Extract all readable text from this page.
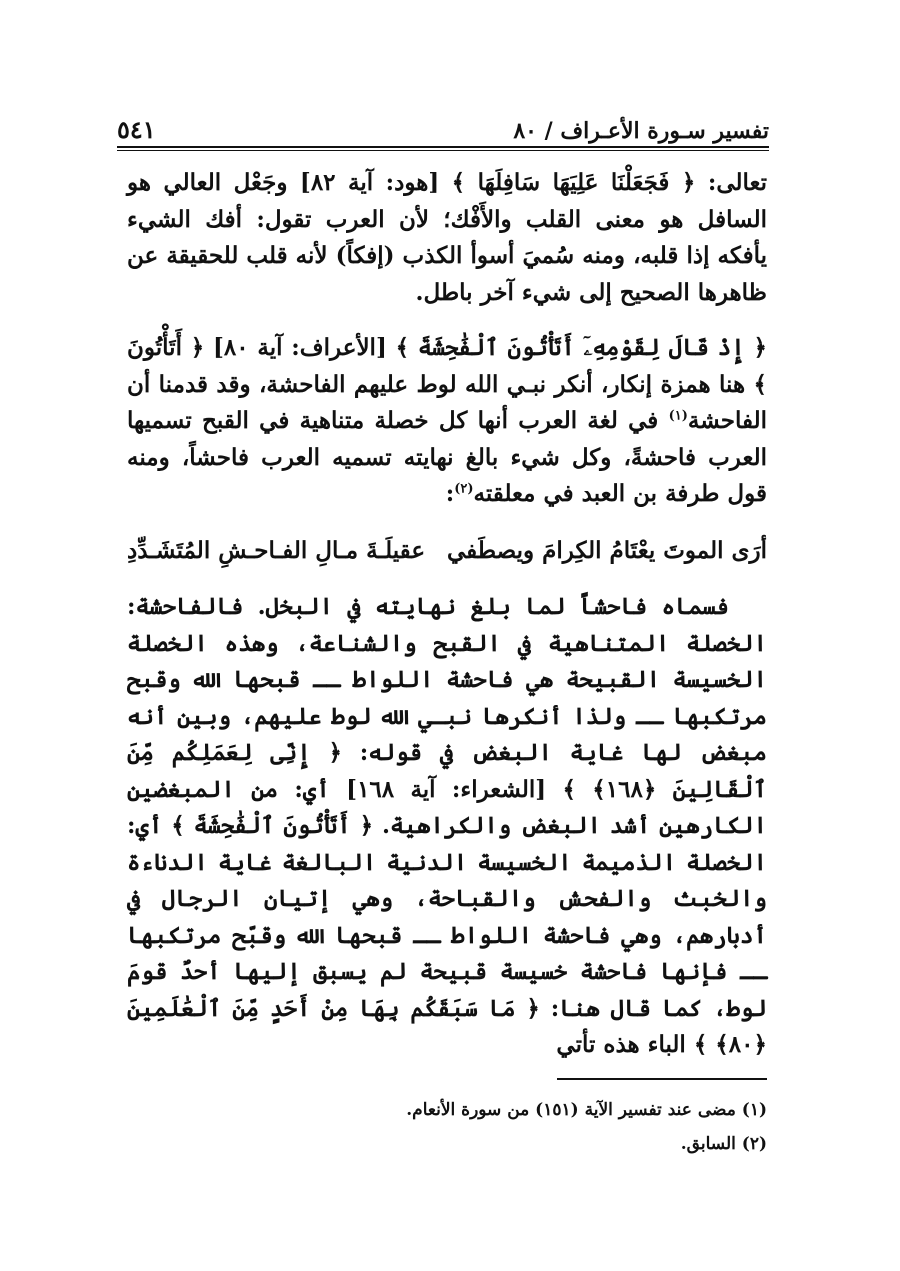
تفسير سـورة الأعـراف / ٨٠
٥٤١

تعالى: ﴿ فَجَعَلْنَا عَلِيَهَا سَافِلَهَا ﴾ [هود: آية ٨٢] وجَعْل العالي هو السافل هو معنى القلب والأَفْك؛ لأن العرب تقول: أفك الشيء يأفكه إذا قلبه، ومنه سُميَ أسوأ الكذب (إفكاً) لأنه قلب للحقيقة عن ظاهرها الصحيح إلى شيء آخر باطل.

﴿ إِذْ قَالَ لِقَوْمِهِۦٓ أَتَأْتُونَ ٱلْفَٰحِشَةَ ﴾ [الأعراف: آية ٨٠] ﴿ أَتَأْتُونَ ﴾ هنا همزة إنكار، أنكر نبـي الله لوط عليهم الفاحشة، وقد قدمنا أن الفاحشة$^{(١)}$ في لغة العرب أنها كل خصلة متناهية في القبح تسميها العرب فاحشةً، وكل شيء بالغ نهايته تسميه العرب فاحشاً، ومنه قول طرفة بن العبد في معلقته$^{(٢)}$:

أرَى الموتَ يعْتَامُ الكِرامَ ويصطَفي
عقيلَـةَ مـالِ الفـاحـشِ المُتَشَـدِّدِ

فسماه فاحشاً لما بلغ نهايته في البخل. فالفاحشة: الخصلة المتناهية في القبح والشناعة، وهذه الخصلة الخسيسة القبيحة هي فاحشة اللواط ــ قبحها الله وقبح مرتكبها ــ ولذا أنكرها نبـي الله لوط عليهم، وبين أنه مبغض لها غاية البغض في قوله: ﴿ إِنِّى لِعَمَلِكُم مِّنَ ٱلْقَالِينَ ﴿١٦٨﴾ ﴾ [الشعراء: آية ١٦٨] أي: من المبغضين الكارهين أشد البغض والكراهية. ﴿ أَتَأْتُونَ ٱلْفَٰحِشَةَ ﴾ أي: الخصلة الذميمة الخسيسة الدنية البالغة غاية الدناءة والخبث والفحش والقباحة، وهي إتيان الرجال في أدبارهم، وهي فاحشة اللواط ــ قبحها الله وقبّح مرتكبها ــ فإنها فاحشة خسيسة قبيحة لم يسبق إليها أحدٌ قومَ لوط، كما قال هنا: ﴿ مَا سَبَقَكُم بِهَا مِنْ أَحَدٍ مِّنَ ٱلْعَٰلَمِينَ ﴿٨٠﴾ ﴾ الباء هذه تأتي

(١) مضى عند تفسير الآية (١٥١) من سورة الأنعام.
(٢) السابق.
